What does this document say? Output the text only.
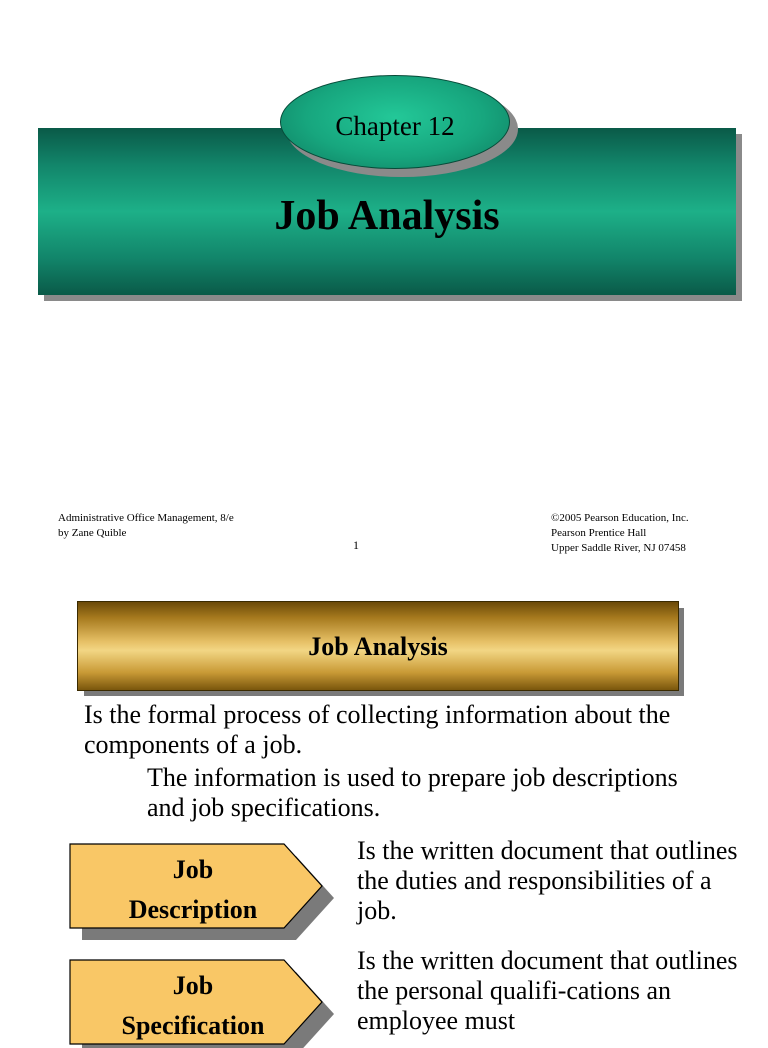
Job Analysis
Chapter 12
Administrative Office Management, 8/e
by Zane Quible
1
©2005 Pearson Education, Inc.
Pearson Prentice Hall
Upper Saddle River, NJ 07458
Job Analysis
Is the formal process of collecting information about the components of a job.
The information is used to prepare job descriptions and job specifications.
Job
Description
Is the written document that outlines the duties and responsibilities of a job.
Job
Specification
Is the written document that outlines the personal qualifi-cations an employee must
